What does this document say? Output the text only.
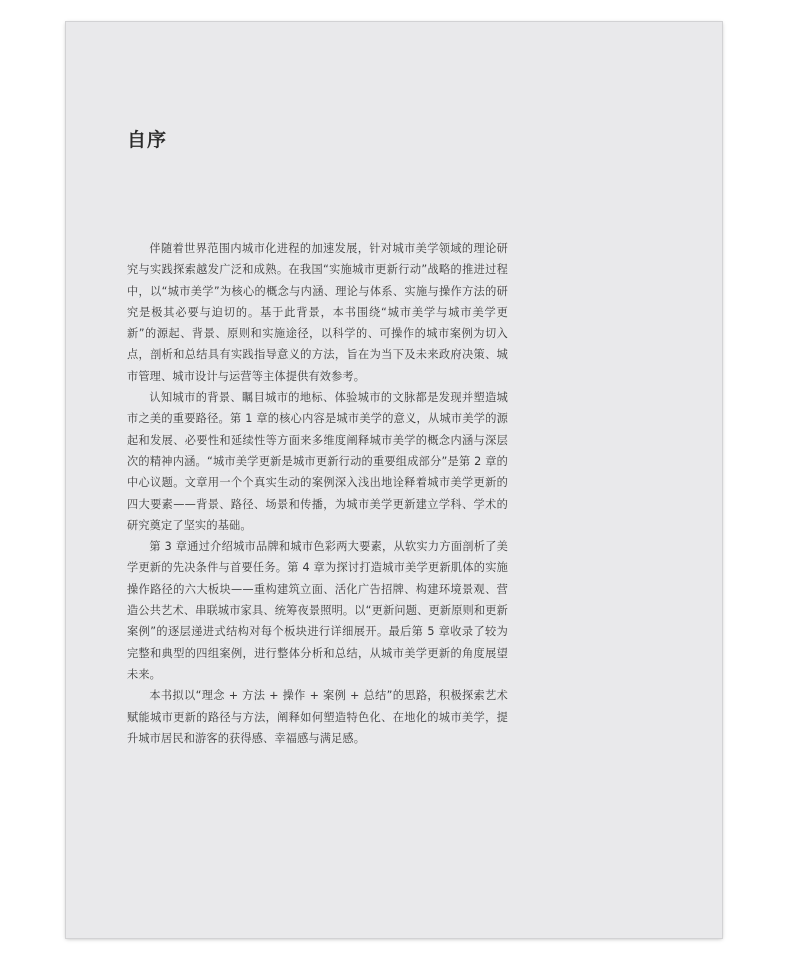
自序

伴随着世界范围内城市化进程的加速发展，针对城市美学领域的理论研究与实践探索越发广泛和成熟。在我国“实施城市更新行动”战略的推进过程中，以“城市美学”为核心的概念与内涵、理论与体系、实施与操作方法的研究是极其必要与迫切的。基于此背景，本书围绕“城市美学与城市美学更新”的源起、背景、原则和实施途径，以科学的、可操作的城市案例为切入点，剖析和总结具有实践指导意义的方法，旨在为当下及未来政府决策、城市管理、城市设计与运营等主体提供有效参考。

认知城市的背景、瞩目城市的地标、体验城市的文脉都是发现并塑造城市之美的重要路径。第 1 章的核心内容是城市美学的意义，从城市美学的源起和发展、必要性和延续性等方面来多维度阐释城市美学的概念内涵与深层次的精神内涵。“城市美学更新是城市更新行动的重要组成部分”是第 2 章的中心议题。文章用一个个真实生动的案例深入浅出地诠释着城市美学更新的四大要素——背景、路径、场景和传播，为城市美学更新建立学科、学术的研究奠定了坚实的基础。

第 3 章通过介绍城市品牌和城市色彩两大要素，从软实力方面剖析了美学更新的先决条件与首要任务。第 4 章为探讨打造城市美学更新肌体的实施操作路径的六大板块——重构建筑立面、活化广告招牌、构建环境景观、营造公共艺术、串联城市家具、统筹夜景照明。以“更新问题、更新原则和更新案例”的逐层递进式结构对每个板块进行详细展开。最后第 5 章收录了较为完整和典型的四组案例，进行整体分析和总结，从城市美学更新的角度展望未来。

本书拟以“理念 + 方法 + 操作 + 案例 + 总结”的思路，积极探索艺术赋能城市更新的路径与方法，阐释如何塑造特色化、在地化的城市美学，提升城市居民和游客的获得感、幸福感与满足感。
